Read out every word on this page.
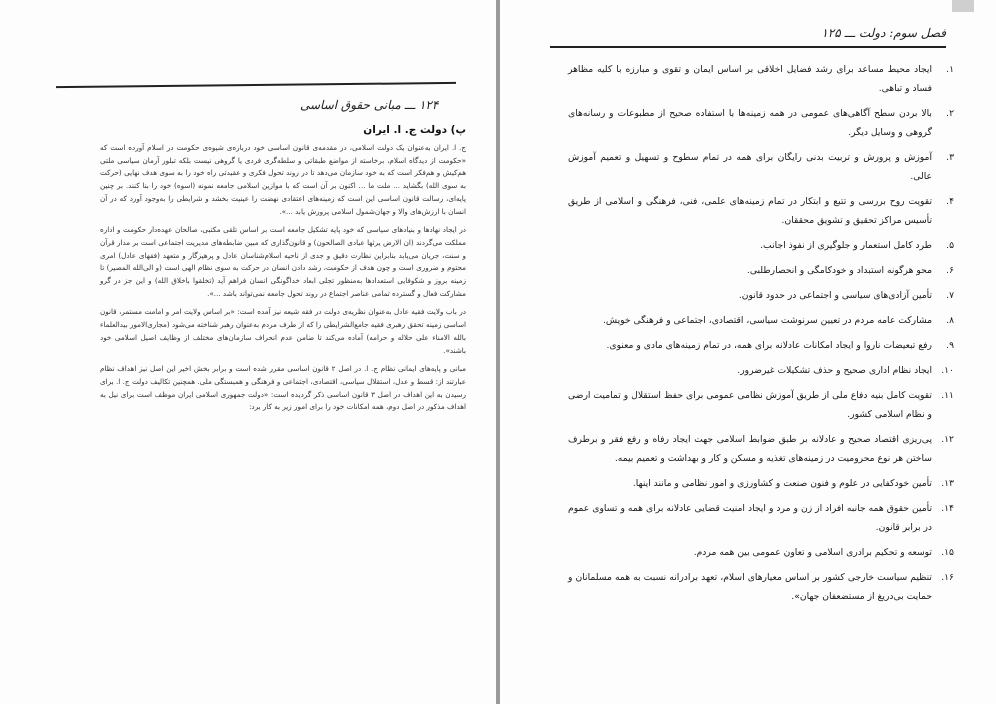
۱۲۴ ـــ مبانی حقوق اساسی
پ) دولت ج. ا. ایران

ج. ا. ایران به‌عنوان یک دولت اسلامی، در مقدمه‌ی قانون اساسی خود درباره‌ی شیوه‌ی حکومت در اسلام آورده است که «حکومت از دیدگاه اسلام، برخاسته از مواضع طبقاتی و سلطه‌گری فردی یا گروهی نیست بلکه تبلور آرمان سیاسی ملتی هم‌کیش و هم‌فکر است که به خود سازمان می‌دهد تا در روند تحول فکری و عقیدتی راه خود را به سوی هدف نهایی (حرکت به سوی الله) بگشاید ... ملت ما ... اکنون بر آن است که با موازین اسلامی جامعه نمونه (اسوه) خود را بنا کنند. بر چنین پایه‌ای، رسالت قانون اساسی این است که زمینه‌های اعتقادی نهضت را عینیت بخشد و شرایطی را به‌وجود آورد که در آن انسان با ارزش‌های والا و جهان‌شمول اسلامی پرورش یابد ...».

در ایجاد نهادها و بنیادهای سیاسی که خود پایه تشکیل جامعه است بر اساس تلقی مکتبی، صالحان عهده‌دار حکومت و اداره مملکت می‌گردند (ان الارض یرثها عبادی الصالحون) و قانون‌گذاری که مبین ضابطه‌های مدیریت اجتماعی است بر مدار قرآن و سنت، جریان می‌یابد بنابراین نظارت دقیق و جدی از ناحیه اسلام‌شناسان عادل و پرهیزگار و متعهد (فقهای عادل) امری محتوم و ضروری است و چون هدف از حکومت، رشد دادن انسان در حرکت به سوی نظام الهی است (و الی‌الله المصیر) تا زمینه بروز و شکوفایی استعدادها به‌منظور تجلی ابعاد خداگونگی انسان فراهم آید (تخلقوا باخلاق الله) و این جز در گرو مشارکت فعال و گسترده تمامی عناصر اجتماع در روند تحول جامعه نمی‌تواند باشد ...».

در باب ولایت فقیه عادل به‌عنوان نظریه‌ی دولت در فقه شیعه نیز آمده است: «بر اساس ولایت امر و امامت مستمر، قانون اساسی زمینه تحقق رهبری فقیه جامع‌الشرایطی را که از طرف مردم به‌عنوان رهبر شناخته می‌شود (مجاری‌الامور بیدالعلماء بالله الامناء علی حلاله و حرامه) آماده می‌کند تا ضامن عدم انحراف سازمان‌های مختلف از وظایف اصیل اسلامی خود باشند».

مبانی و پایه‌های ایمانی نظام ج. ا. در اصل ۲ قانون اساسی مقرر شده است و برابر بخش اخیر این اصل نیز اهداف نظام عبارتند از: قسط و عدل، استقلال سیاسی، اقتصادی، اجتماعی و فرهنگی و همبستگی ملی. همچنین تکالیف دولت ج. ا. برای رسیدن به این اهداف در اصل ۳ قانون اساسی ذکر گردیده است: «دولت جمهوری اسلامی ایران موظف است برای نیل به اهداف مذکور در اصل دوم، همه امکانات خود را برای امور زیر به کار برد:

فصل سوم: دولت ـــ ۱۲۵
۱.
ایجاد محیط مساعد برای رشد فضایل اخلاقی بر اساس ایمان و تقوی و مبارزه با کلیه مظاهر فساد و تباهی.
۲.
بالا بردن سطح آگاهی‌های عمومی در همه زمینه‌ها با استفاده صحیح از مطبوعات و رسانه‌های گروهی و وسایل دیگر.
۳.
آموزش و پرورش و تربیت بدنی رایگان برای همه در تمام سطوح و تسهیل و تعمیم آموزش عالی.
۴.
تقویت روح بررسی و تتبع و ابتکار در تمام زمینه‌های علمی، فنی، فرهنگی و اسلامی از طریق تأسیس مراکز تحقیق و تشویق محققان.
۵.
طرد کامل استعمار و جلوگیری از نفوذ اجانب.
۶.
محو هرگونه استبداد و خودکامگی و انحصارطلبی.
۷.
تأمین آزادی‌های سیاسی و اجتماعی در حدود قانون.
۸.
مشارکت عامه مردم در تعیین سرنوشت سیاسی، اقتصادی، اجتماعی و فرهنگی خویش.
۹.
رفع تبعیضات ناروا و ایجاد امکانات عادلانه برای همه، در تمام زمینه‌های مادی و معنوی.
۱۰.
ایجاد نظام اداری صحیح و حذف تشکیلات غیرضرور.
۱۱.
تقویت کامل بنیه دفاع ملی از طریق آموزش نظامی عمومی برای حفظ استقلال و تمامیت ارضی و نظام اسلامی کشور.
۱۲.
پی‌ریزی اقتصاد صحیح و عادلانه بر طبق ضوابط اسلامی جهت ایجاد رفاه و رفع فقر و برطرف ساختن هر نوع محرومیت در زمینه‌های تغذیه و مسکن و کار و بهداشت و تعمیم بیمه.
۱۳.
تأمین خودکفایی در علوم و فنون صنعت و کشاورزی و امور نظامی و مانند اینها.
۱۴.
تأمین حقوق همه جانبه افراد از زن و مرد و ایجاد امنیت قضایی عادلانه برای همه و تساوی عموم در برابر قانون.
۱۵.
توسعه و تحکیم برادری اسلامی و تعاون عمومی بین همه مردم.
۱۶.
تنظیم سیاست خارجی کشور بر اساس معیارهای اسلام، تعهد برادرانه نسبت به همه مسلمانان و حمایت بی‌دریغ از مستضعفان جهان».
